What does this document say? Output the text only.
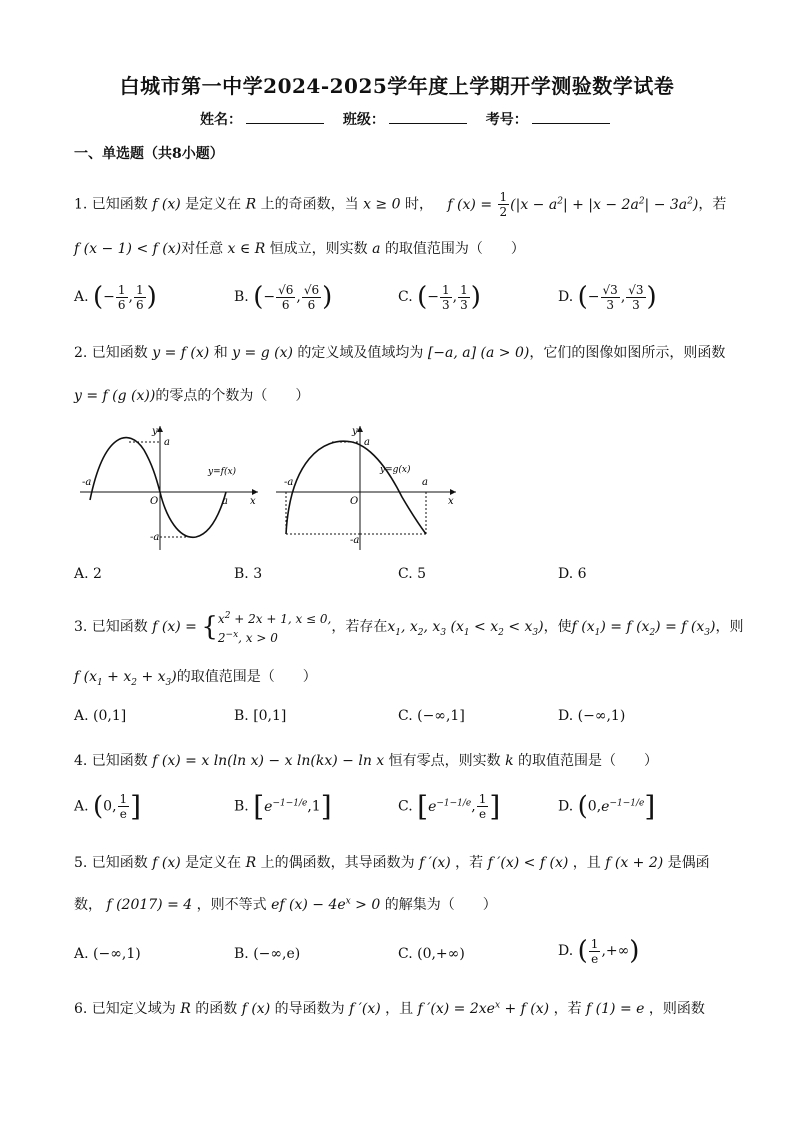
白城市第一中学2024-2025学年度上学期开学测验数学试卷
姓名：	班级：	考号：
一、单选题（共8小题）
1. 已知函数 f (x) 是定义在 R 上的奇函数，当 x ≥ 0 时， f $(x) = \frac{1}{2} (|x - a^2| + |x - 2a^2| - 3a^2)$，若
f (x − 1) < f (x)对任意 x ∈ R 恒成立，则实数 a 的取值范围为（　　）
A. (− $\frac{1}{6}$ , $\frac{1}{6}$ )	B. (− $\frac{√6}{6}$ , $\frac{√6}{6}$ )	C. (− $\frac{1}{3}$ , $\frac{1}{3}$ )	D. (− $\frac{√3}{3}$ , $\frac{√3}{3}$ )
2. 已知函数 y = f (x) 和 y = g (x) 的定义域及值域均为 [−a, a] (a > 0)，它们的图像如图所示，则函数
y = f (g (x))的零点的个数为（　　）
-a
a
O	a
-a
x
y
y=f(x)
-a
a
O
a
-a
x
y
y=g(x)
A. 2	B. 3	C. 5	D. 6
3. 已知函数 f (x) = { $x^2 + 2x + 1$, x ≤ 0,
$2^{-x}$, x > 0
，若存在$x_1$, $x_2$, $x_3$ $(x_1 < x_2 < x_3)$，使f $(x_1) = f$ $(x_2) = f$ $(x_3)$，则
f $(x_1 + x_2 + x_3)$的取值范围是（　　）
A. (0,1]	B. [0,1]	C. (−∞,1]	D. (−∞,1)
4. 已知函数 f (x) = x ln(ln x) − x ln(kx) − ln x 恒有零点，则实数 k 的取值范围是（　　）
A. (0, $\frac{1}{e}$ ]	B. $[e^{-1-1/e},1]$	C. [$e^{-1-1/e}$, $\frac{1}{e}$ ]	D. $(0,e^{-1-1/e}]$
5. 已知函数 f (x) 是定义在 R 上的偶函数，其导函数为 f ′(x) ，若 f ′(x) < f (x) ，且 f (x + 2) 是偶函
数， f (2017) = 4 ，则不等式 ef $(x) - 4e^x > 0$ 的解集为（　　）
A. (−∞,1)	B. (−∞,e)	C. (0,+∞)	D. ( $\frac{1}{e}$ ,+∞)
6. 已知定义域为 R 的函数 f (x) 的导函数为 f ′(x) ，且 f $'(x) = 2xe^x + f$ (x) ，若 f (1) = e ，则函数
